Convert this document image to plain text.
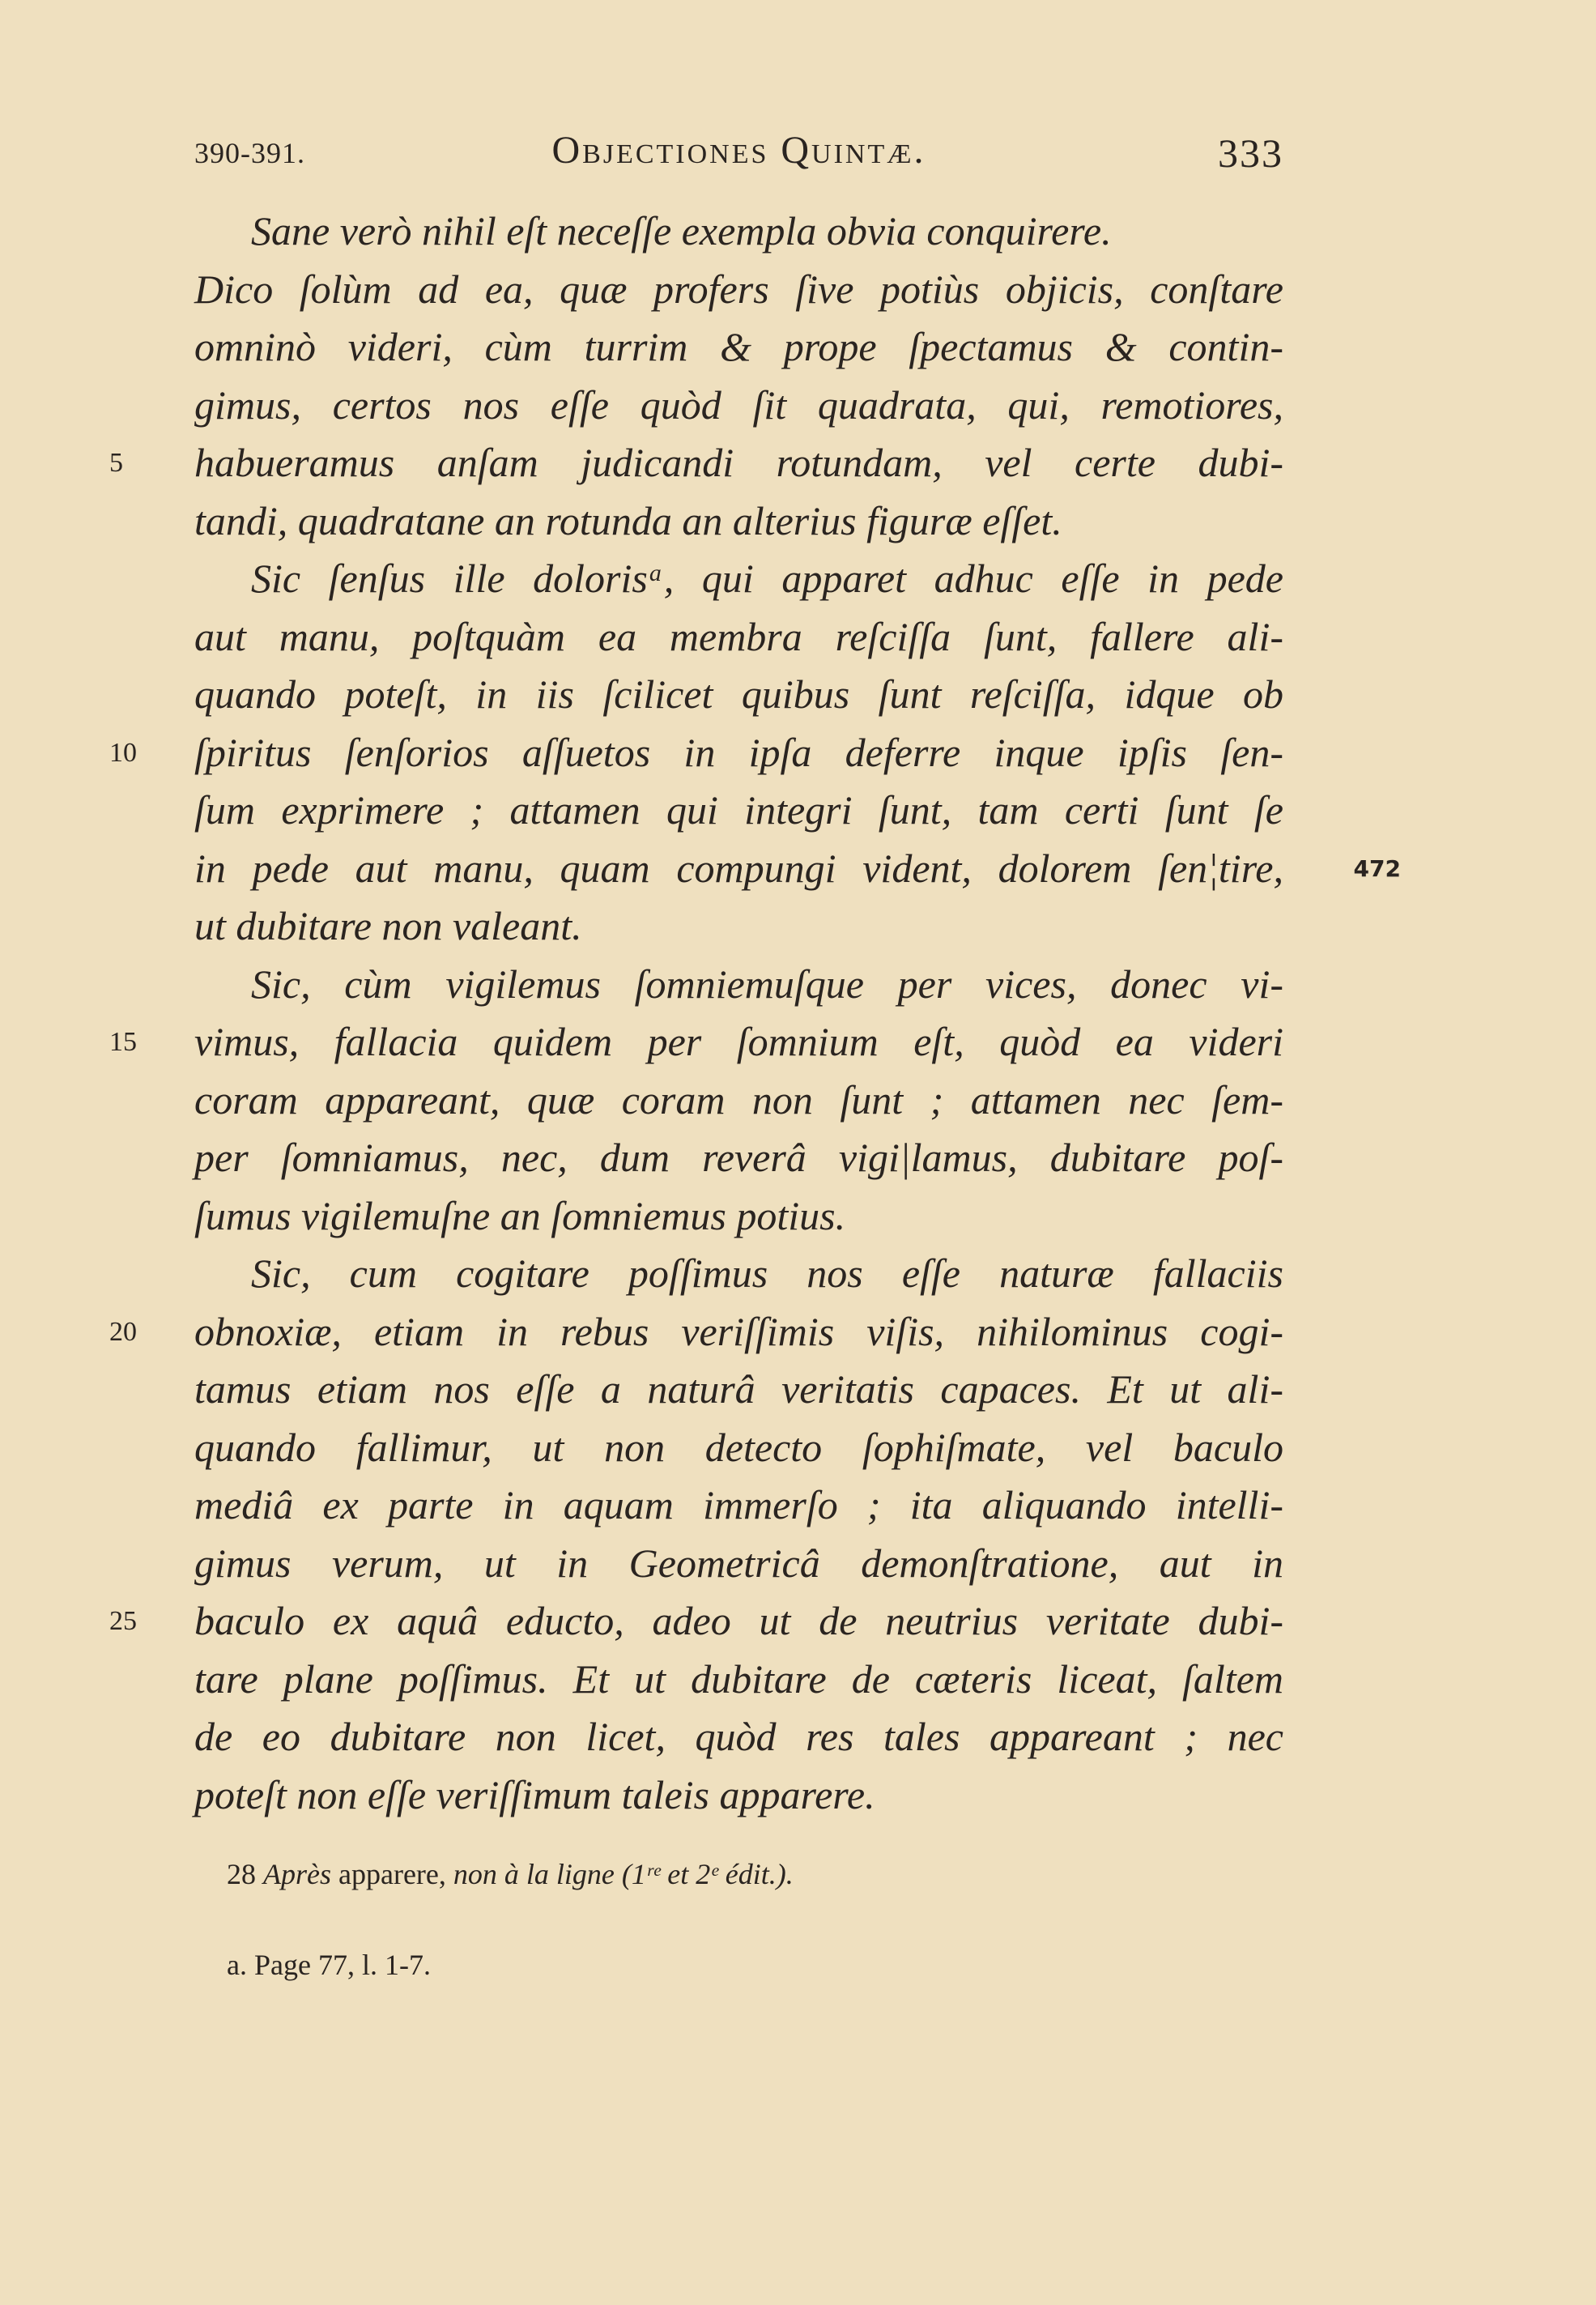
390-391.	Objectiones Quintæ.	333
Sane verò nihil eſt neceſſe exempla obvia conquirere.
Dico ſolùm ad ea, quæ profers ſive potiùs objicis, conſtare
omninò videri, cùm turrim & prope ſpectamus & contin-
gimus, certos nos eſſe quòd ſit quadrata, qui, remotiores,
habueramus anſam judicandi rotundam, vel certe dubi-
5
tandi, quadratane an rotunda an alterius figuræ eſſet.
Sic ſenſus ille dolorisᵃ, qui apparet adhuc eſſe in pede
aut manu, poſtquàm ea membra reſciſſa ſunt, fallere ali-
quando poteſt, in iis ſcilicet quibus ſunt reſciſſa, idque ob
ſpiritus ſenſorios aſſuetos in ipſa deferre inque ipſis ſen-
10
ſum exprimere ; attamen qui integri ſunt, tam certi ſunt ſe
in pede aut manu, quam compungi vident, dolorem ſen¦tire,	472
ut dubitare non valeant.
Sic, cùm vigilemus ſomniemuſque per vices, donec vi-
vimus, fallacia quidem per ſomnium eſt, quòd ea videri
15
coram appareant, quæ coram non ſunt ; attamen nec ſem-
per ſomniamus, nec, dum reverâ vigi|lamus, dubitare poſ-
ſumus vigilemuſne an ſomniemus potius.
Sic, cum cogitare poſſimus nos eſſe naturæ fallaciis
obnoxiæ, etiam in rebus veriſſimis viſis, nihilominus cogi-
20
tamus etiam nos eſſe a naturâ veritatis capaces. Et ut ali-
quando fallimur, ut non detecto ſophiſmate, vel baculo
mediâ ex parte in aquam immerſo ; ita aliquando intelli-
gimus verum, ut in Geometricâ demonſtratione, aut in
baculo ex aquâ educto, adeo ut de neutrius veritate dubi-
25
tare plane poſſimus. Et ut dubitare de cæteris liceat, ſaltem
de eo dubitare non licet, quòd res tales appareant ; nec
poteſt non eſſe veriſſimum taleis apparere.
28 Après apparere, non à la ligne (1ʳᵉ et 2ᵉ édit.).
a. Page 77, l. 1-7.
